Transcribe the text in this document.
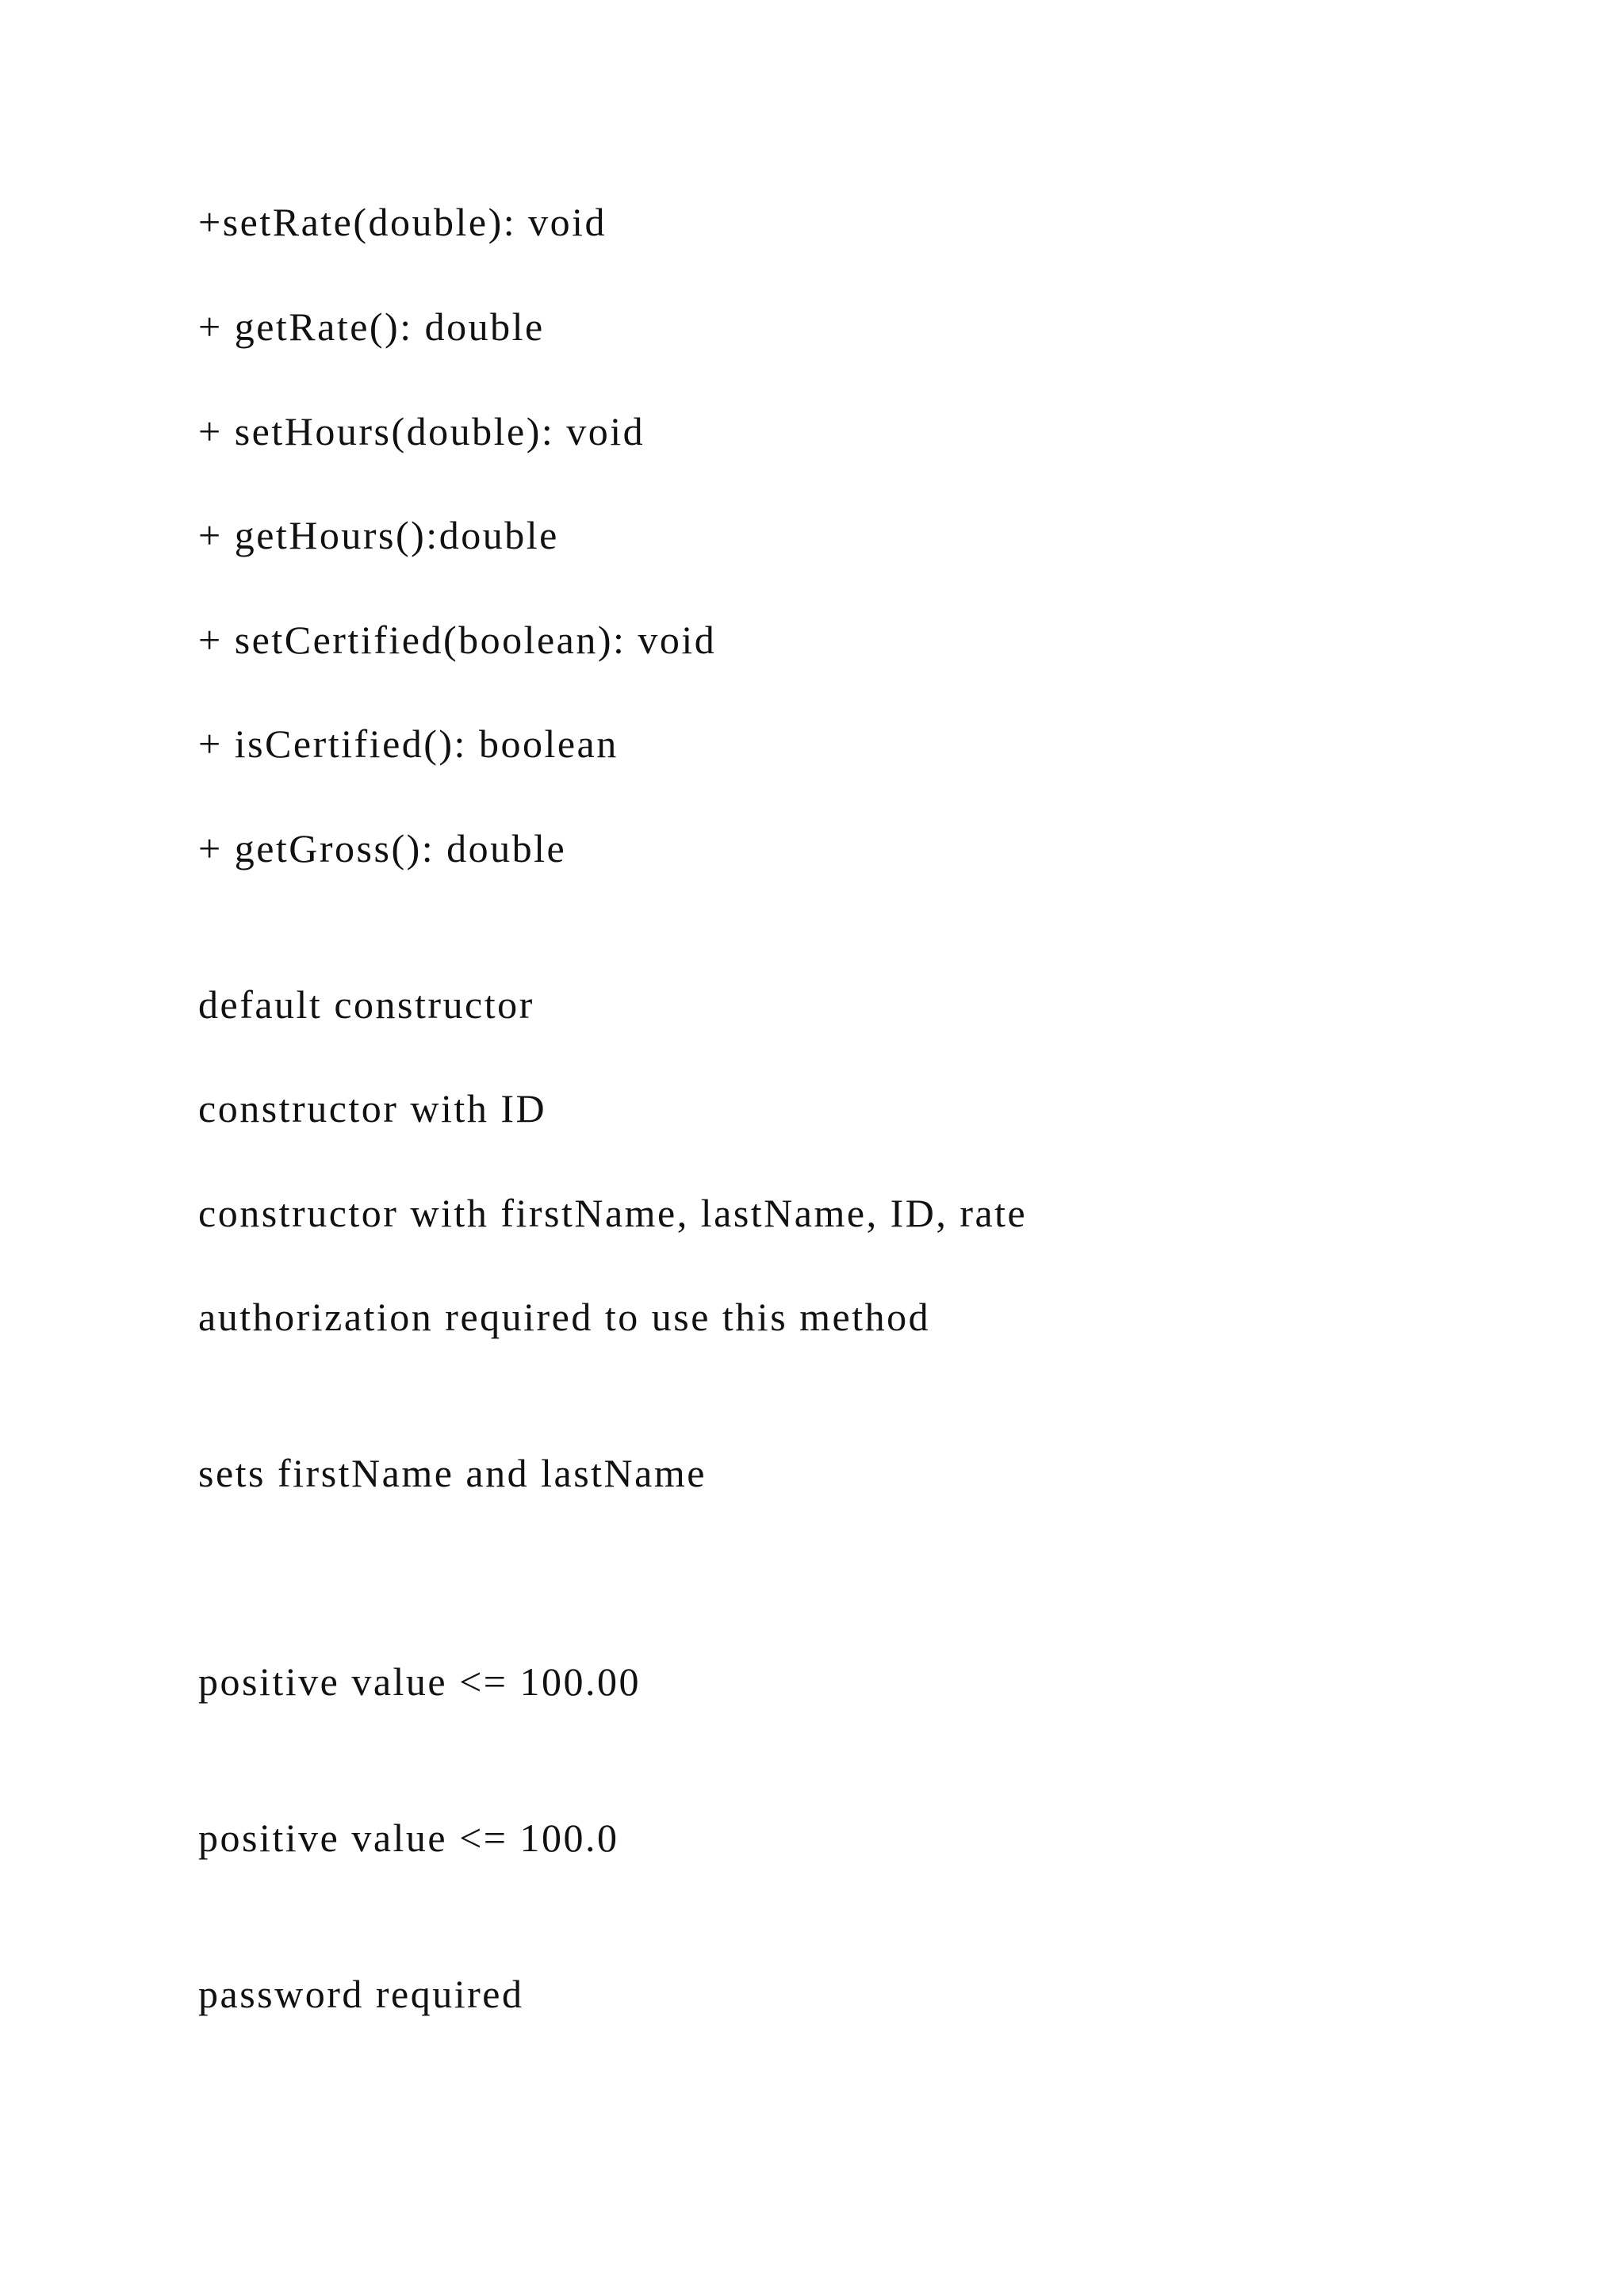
+setRate(double): void

+ getRate(): double

+ setHours(double): void

+ getHours():double

+ setCertified(boolean): void

+ isCertified(): boolean

+ getGross(): double

default constructor

constructor with ID

constructor with firstName, lastName, ID, rate

authorization required to use this method

sets firstName and lastName

positive value <= 100.00

positive value <= 100.0

password required
